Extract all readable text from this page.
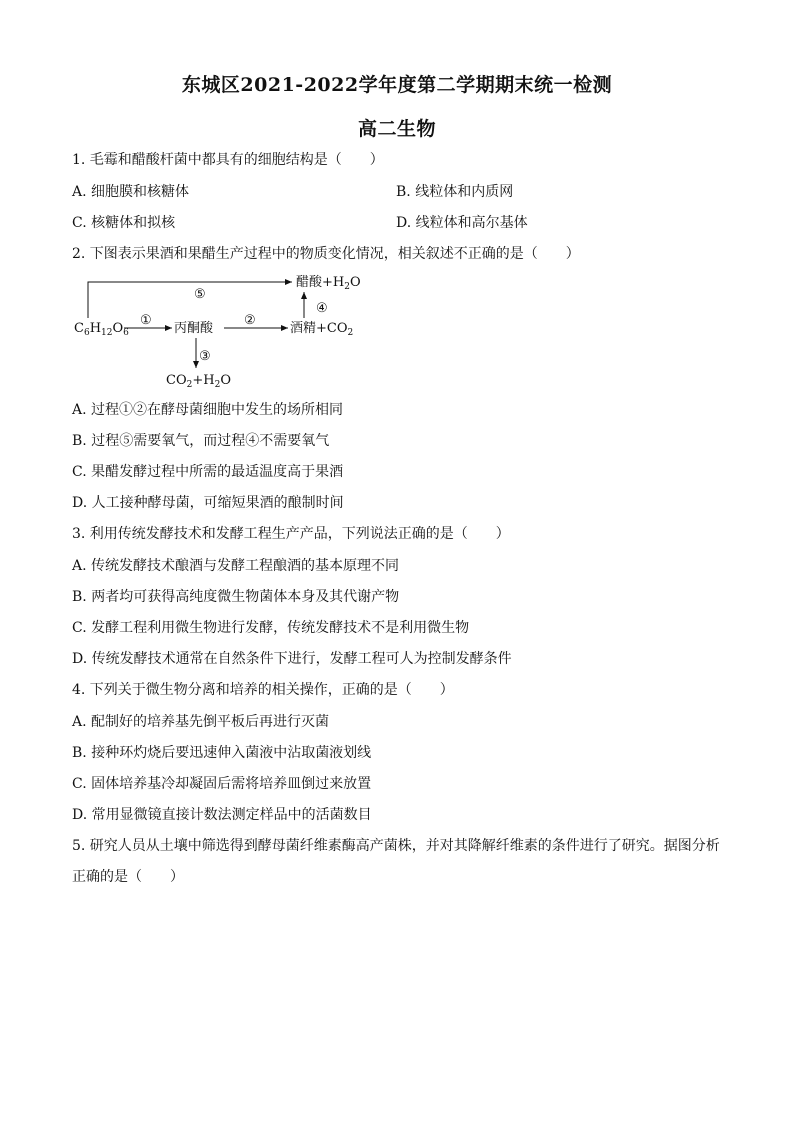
东城区2021-2022学年度第二学期期末统一检测
高二生物
1. 毛霉和醋酸杆菌中都具有的细胞结构是（　　）
A. 细胞膜和核糖体	B. 线粒体和内质网
C. 核糖体和拟核	D. 线粒体和高尔基体
2. 下图表示果酒和果醋生产过程中的物质变化情况，相关叙述不正确的是（　　）
$C_6H_{12}O_6$
①
丙酮酸
②
酒精$+CO_2$
③
$CO_2+H_2O$
④
醋酸$+H_2O$
⑤
A. 过程①②在酵母菌细胞中发生的场所相同
B. 过程⑤需要氧气，而过程④不需要氧气
C. 果醋发酵过程中所需的最适温度高于果酒
D. 人工接种酵母菌，可缩短果酒的酿制时间
3. 利用传统发酵技术和发酵工程生产产品，下列说法正确的是（　　）
A. 传统发酵技术酿酒与发酵工程酿酒的基本原理不同
B. 两者均可获得高纯度微生物菌体本身及其代谢产物
C. 发酵工程利用微生物进行发酵，传统发酵技术不是利用微生物
D. 传统发酵技术通常在自然条件下进行，发酵工程可人为控制发酵条件
4. 下列关于微生物分离和培养的相关操作，正确的是（　　）
A. 配制好的培养基先倒平板后再进行灭菌
B. 接种环灼烧后要迅速伸入菌液中沾取菌液划线
C. 固体培养基冷却凝固后需将培养皿倒过来放置
D. 常用显微镜直接计数法测定样品中的活菌数目
5. 研究人员从土壤中筛选得到酵母菌纤维素酶高产菌株，并对其降解纤维素的条件进行了研究。据图分析
正确的是（　　）
